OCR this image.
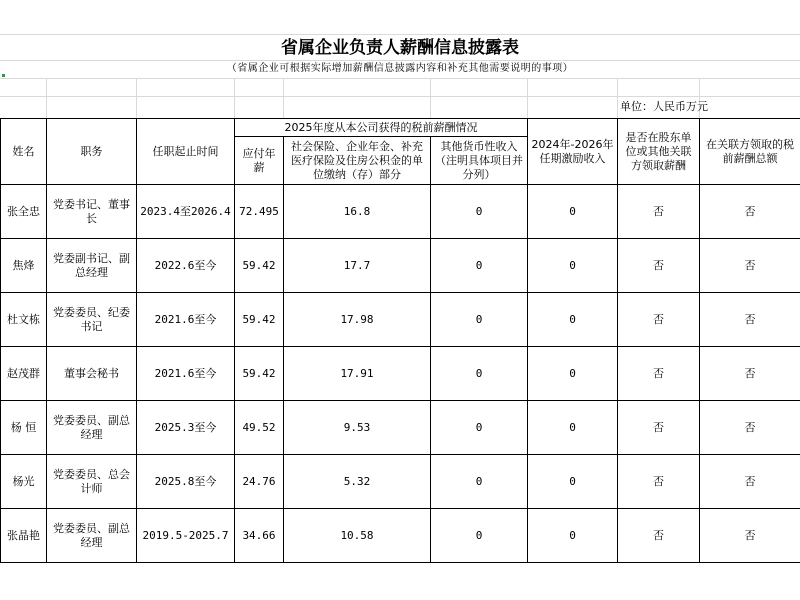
省属企业负责人薪酬信息披露表
（省属企业可根据实际增加薪酬信息披露内容和补充其他需要说明的事项）
单位：人民币万元
姓名	职务	任职起止时间	2025年度从本公司获得的税前薪酬情况			2024年-2026年任期激励收入	是否在股东单位或其他关联方领取薪酬	在关联方领取的税前薪酬总额
			应付年薪	社会保险、企业年金、补充医疗保险及住房公积金的单位缴纳（存）部分	其他货币性收入（注明具体项目并分列）			
张全忠	党委书记、董事长	2023.4至2026.4	72.495	16.8	0	0	否	否
焦烽	党委副书记、副总经理	2022.6至今	59.42	17.7	0	0	否	否
杜文栋	党委委员、纪委书记	2021.6至今	59.42	17.98	0	0	否	否
赵茂群	董事会秘书	2021.6至今	59.42	17.91	0	0	否	否
杨 恒	党委委员、副总经理	2025.3至今	49.52	9.53	0	0	否	否
杨光	党委委员、总会计师	2025.8至今	24.76	5.32	0	0	否	否
张晶艳	党委委员、副总经理	2019.5-2025.7	34.66	10.58	0	0	否	否
